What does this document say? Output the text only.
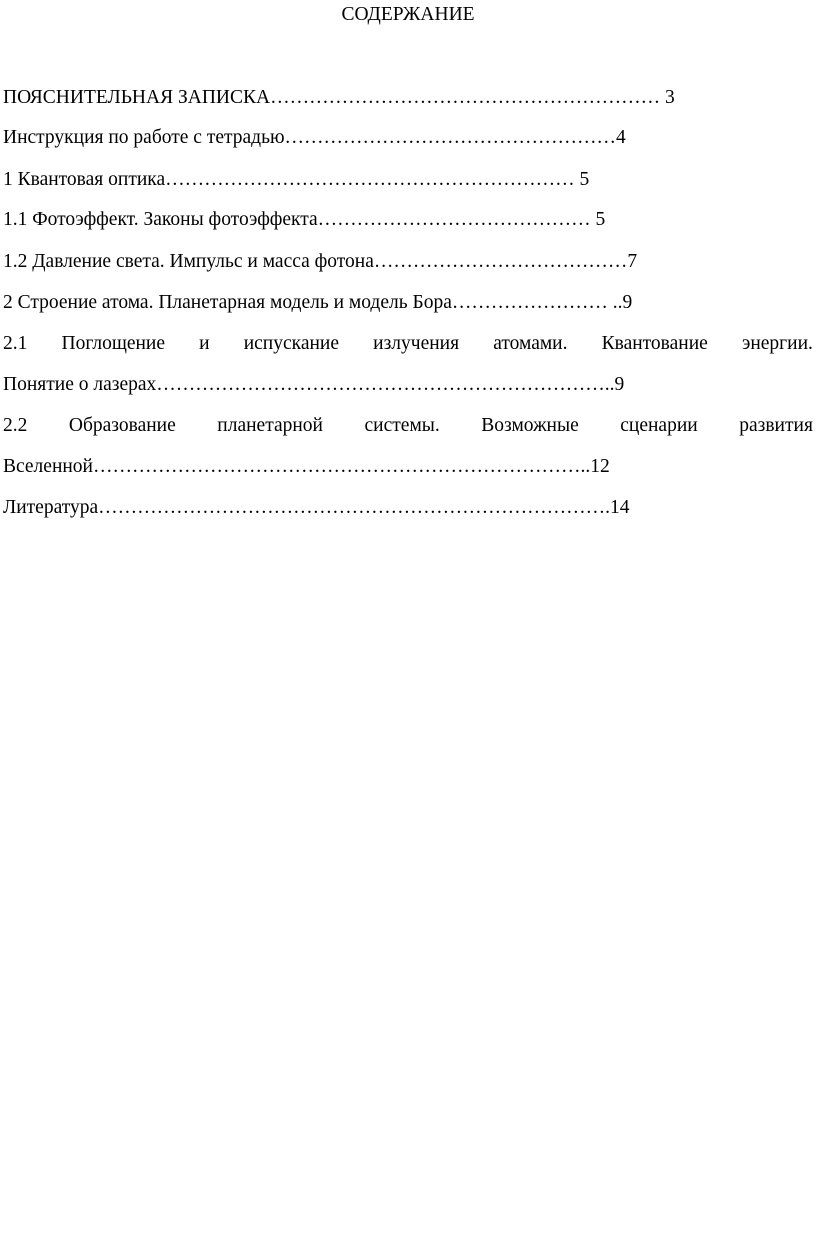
СОДЕРЖАНИЕ
ПОЯСНИТЕЛЬНАЯ ЗАПИСКА…………………………………………………… 3
Инструкция по работе с тетрадью……………………………………………4
1 Квантовая оптика……………………………………………………… 5
1.1 Фотоэффект. Законы фотоэффекта…………………………………… 5
1.2 Давление света. Импульс и масса фотона…………………………………7
2 Строение атома. Планетарная модель и модель Бора…………………… ..9
2.1 Поглощение и испускание излучения атомами. Квантование энергии.
Понятие о лазерах……………………………………………………………..9
2.2 Образование планетарной системы. Возможные сценарии развития
Вселенной…………………………………………………………………..12
Литература…………………………………………………………………….14
